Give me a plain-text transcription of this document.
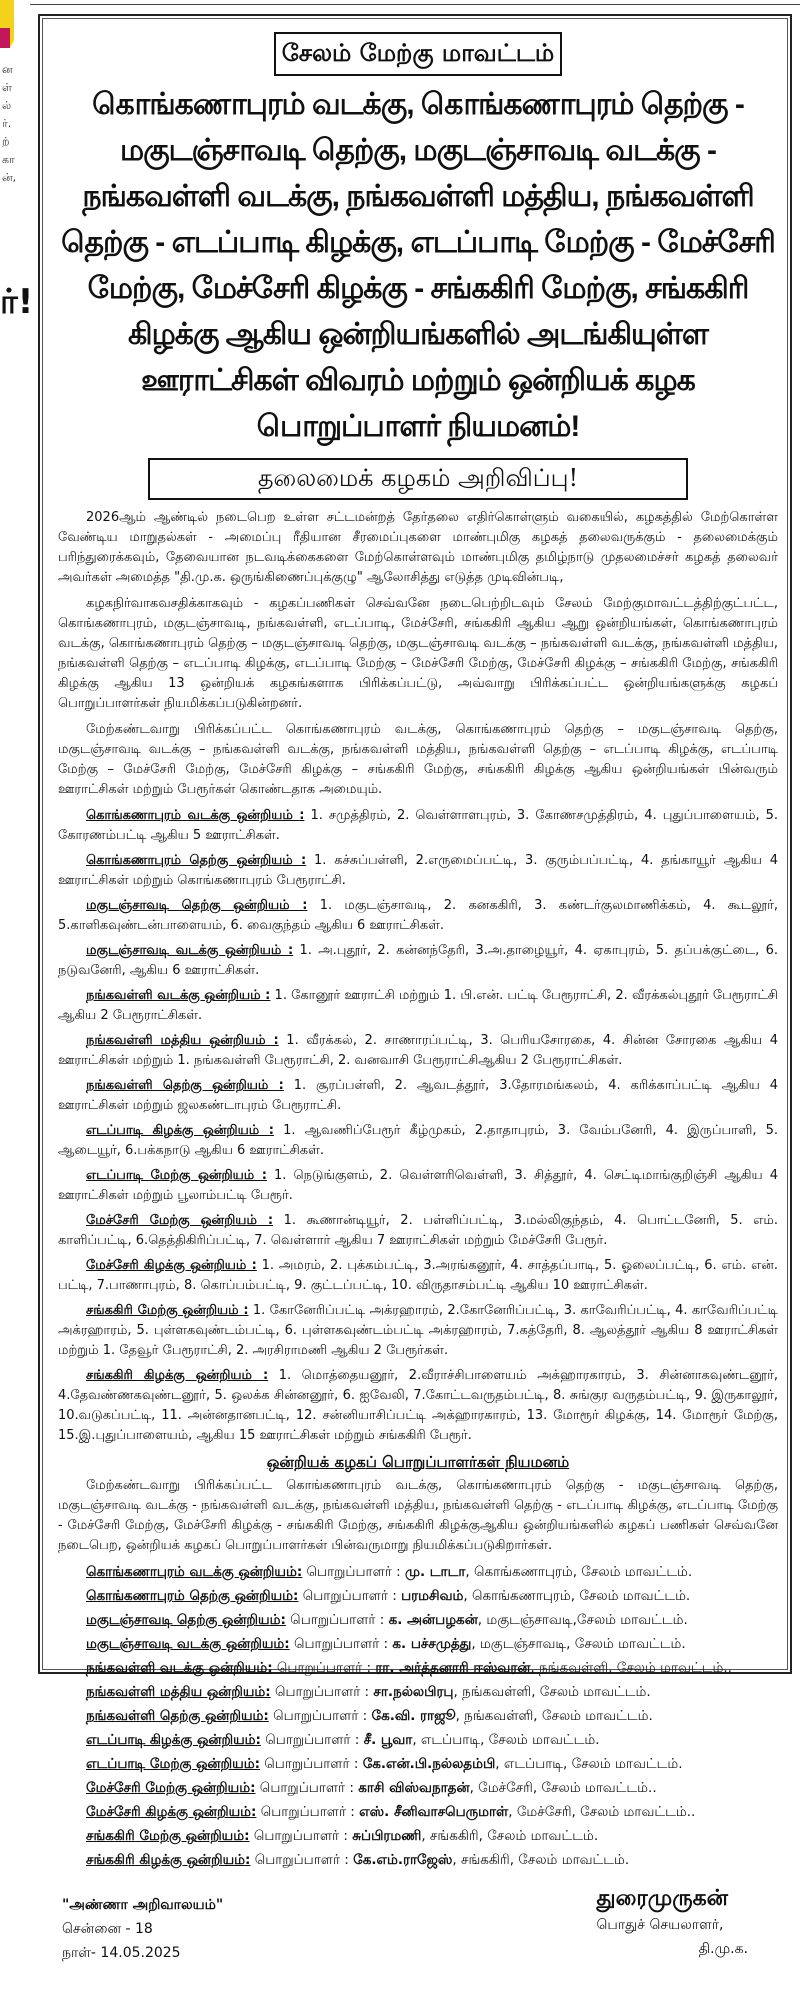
ன
ள்
ல்
ர்.
ற்
கா
ன்,
ர்!
சேலம் மேற்கு மாவட்டம்
கொங்கணாபுரம் வடக்கு, கொங்கணாபுரம் தெற்கு - மகுடஞ்சாவடி தெற்கு, மகுடஞ்சாவடி வடக்கு - நங்கவள்ளி வடக்கு, நங்கவள்ளி மத்திய, நங்கவள்ளி தெற்கு - எடப்பாடி கிழக்கு, எடப்பாடி மேற்கு - மேச்சேரி மேற்கு, மேச்சேரி கிழக்கு - சங்ககிரி மேற்கு, சங்ககிரி கிழக்கு ஆகிய ஒன்றியங்களில் அடங்கியுள்ள ஊராட்சிகள் விவரம் மற்றும் ஒன்றியக் கழக பொறுப்பாளர் நியமனம்!
தலைமைக் கழகம் அறிவிப்பு!

2026ஆம் ஆண்டில் நடைபெற உள்ள சட்டமன்றத் தேர்தலை எதிர்கொள்ளும் வகையில், கழகத்தில் மேற்கொள்ள வேண்டிய மாறுதல்கள் - அமைப்பு ரீதியான சீரமைப்புகளை மாண்புமிகு கழகத் தலைவருக்கும் - தலைமைக்கும் பரிந்துரைக்கவும், தேவையான நடவடிக்கைகளை மேற்கொள்ளவும் மாண்புமிகு தமிழ்நாடு முதலமைச்சர் கழகத் தலைவர் அவர்கள் அமைத்த "தி.மு.க. ஒருங்கிணைப்புக்குழு" ஆலோசித்து எடுத்த முடிவின்படி,

கழகநிர்வாகவசதிக்காகவும் - கழகப்பணிகள் செவ்வனே நடைபெற்றிடவும் சேலம் மேற்குமாவட்டத்திற்குட்பட்ட, கொங்கணாபுரம், மகுடஞ்சாவடி, நங்கவள்ளி, எடப்பாடி, மேச்சேரி, சங்ககிரி ஆகிய ஆறு ஒன்றியங்கள், கொங்கணாபுரம் வடக்கு, கொங்கணாபுரம் தெற்கு – மகுடஞ்சாவடி தெற்கு, மகுடஞ்சாவடி வடக்கு – நங்கவள்ளி வடக்கு, நங்கவள்ளி மத்திய, நங்கவள்ளி தெற்கு – எடப்பாடி கிழக்கு, எடப்பாடி மேற்கு – மேச்சேரி மேற்கு, மேச்சேரி கிழக்கு – சங்ககிரி மேற்கு, சங்ககிரி கிழக்கு ஆகிய 13 ஒன்றியக் கழகங்களாக பிரிக்கப்பட்டு, அவ்வாறு பிரிக்கப்பட்ட ஒன்றியங்களுக்கு கழகப் பொறுப்பாளர்கள் நியமிக்கப்படுகின்றனர்.

மேற்கண்டவாறு பிரிக்கப்பட்ட கொங்கணாபுரம் வடக்கு, கொங்கணாபுரம் தெற்கு – மகுடஞ்சாவடி தெற்கு, மகுடஞ்சாவடி வடக்கு – நங்கவள்ளி வடக்கு, நங்கவள்ளி மத்திய, நங்கவள்ளி தெற்கு – எடப்பாடி கிழக்கு, எடப்பாடி மேற்கு – மேச்சேரி மேற்கு, மேச்சேரி கிழக்கு – சங்ககிரி மேற்கு, சங்ககிரி கிழக்கு ஆகிய ஒன்றியங்கள் பின்வரும் ஊராட்சிகள் மற்றும் பேரூர்கள் கொண்டதாக அமையும்.

கொங்கணாபுரம் வடக்கு ஒன்றியம் : 1. சமுத்திரம், 2. வெள்ளாளபுரம், 3. கோணசமுத்திரம், 4. புதுப்பாளையம், 5. கோரணம்பட்டி ஆகிய 5 ஊராட்சிகள்.
கொங்கணாபுரம் தெற்கு ஒன்றியம் : 1. கச்சுப்பள்ளி, 2.எருமைப்பட்டி, 3. குரும்பப்பட்டி, 4. தங்காயூர் ஆகிய 4 ஊராட்சிகள் மற்றும் கொங்கணாபுரம் பேரூராட்சி.
மகுடஞ்சாவடி தெற்கு ஒன்றியம் : 1. மகுடஞ்சாவடி, 2. கனககிரி, 3. கண்டர்குலமாணிக்கம், 4. கூடலூர், 5.காளிகவுண்டன்பாளையம், 6. வைகுந்தம் ஆகிய 6 ஊராட்சிகள்.
மகுடஞ்சாவடி வடக்கு ஒன்றியம் : 1. அ.புதூர், 2. கன்னந்தேரி, 3.அ.தாழையூர், 4. ஏகாபுரம், 5. தப்பக்குட்டை, 6. நடுவனேரி, ஆகிய 6 ஊராட்சிகள்.
நங்கவள்ளி வடக்கு ஒன்றியம் : 1. கோனூர் ஊராட்சி மற்றும் 1. பி.என். பட்டி பேரூராட்சி, 2. வீரக்கல்புதூர் பேரூராட்சி ஆகிய 2 பேரூராட்சிகள்.
நங்கவள்ளி மத்திய ஒன்றியம் : 1. வீரக்கல், 2. சாணாரப்பட்டி, 3. பெரியசோரகை, 4. சின்ன சோரகை ஆகிய 4 ஊராட்சிகள் மற்றும் 1. நங்கவள்ளி பேரூராட்சி, 2. வனவாசி பேரூராட்சிஆகிய 2 பேரூராட்சிகள்.
நங்கவள்ளி தெற்கு ஒன்றியம் : 1. சூரப்பள்ளி, 2. ஆவடத்தூர், 3.தோரமங்கலம், 4. கரிக்காப்பட்டி ஆகிய 4 ஊராட்சிகள் மற்றும் ஜலகண்டாபுரம் பேரூராட்சி.
எடப்பாடி கிழக்கு ஒன்றியம் : 1. ஆவணிப்பேரூர் கீழ்முகம், 2.தாதாபுரம், 3. வேம்பனேரி, 4. இருப்பாளி, 5. ஆடையூர், 6.பக்கநாடு ஆகிய 6 ஊராட்சிகள்.
எடப்பாடி மேற்கு ஒன்றியம் : 1. நெடுங்குளம், 2. வெள்ளரிவெள்ளி, 3. சித்தூர், 4. செட்டிமாங்குறிஞ்சி ஆகிய 4 ஊராட்சிகள் மற்றும் பூலாம்பட்டி பேரூர்.
மேச்சேரி மேற்கு ஒன்றியம் : 1. கூணான்டியூர், 2. பள்ளிப்பட்டி, 3.மல்லிகுந்தம், 4. பொட்டனேரி, 5. எம். காளிப்பட்டி, 6.தெத்திகிரிப்பட்டி, 7. வெள்ளார் ஆகிய 7 ஊராட்சிகள் மற்றும் மேச்சேரி பேரூர்.
மேச்சேரி கிழக்கு ஒன்றியம் : 1. அமரம், 2. புக்கம்பட்டி, 3.அரங்கனூர், 4. சாத்தப்பாடி, 5. ஓலைப்பட்டி, 6. எம். என். பட்டி, 7.பாணாபுரம், 8. கொப்பம்பட்டி, 9. குட்டப்பட்டி, 10. விருதாசம்பட்டி ஆகிய 10 ஊராட்சிகள்.
சங்ககிரி மேற்கு ஒன்றியம் : 1. கோனேரிப்பட்டி அக்ரஹாரம், 2.கோனேரிப்பட்டி, 3. காவேரிப்பட்டி, 4. காவேரிப்பட்டி அக்ரஹாரம், 5. புள்ளகவுண்டம்பட்டி, 6. புள்ளகவுண்டம்பட்டி அக்ரஹாரம், 7.கத்தேரி, 8. ஆலத்தூர் ஆகிய 8 ஊராட்சிகள் மற்றும் 1. தேவூர் பேரூராட்சி, 2. அரசிராமணி ஆகிய 2 பேரூர்கள்.
சங்ககிரி கிழக்கு ஒன்றியம் : 1. மொத்தையனூர், 2.வீராச்சிபாளையம் அக்ஹாரகாரம், 3. சின்னாகவுண்டனூர், 4.தேவண்ணகவுண்டனூர், 5. ஒலக்க சின்னனூர், 6. ஐவேலி, 7.கோட்டவருதம்பட்டி, 8. சுங்குர வருதம்பட்டி, 9. இருகாலூர், 10.வடுகப்பட்டி, 11. அன்னதானபட்டி, 12. சன்னியாசிப்பட்டி அக்ஹாரகாரம், 13. மோரூர் கிழக்கு, 14. மோரூர் மேற்கு, 15.இ.புதுப்பாளையம், ஆகிய 15 ஊராட்சிகள் மற்றும் சங்ககிரி பேரூர்.
ஒன்றியக் கழகப் பொறுப்பாளர்கள் நியமனம்

மேற்கண்டவாறு பிரிக்கப்பட்ட கொங்கணாபுரம் வடக்கு, கொங்கணாபுரம் தெற்கு - மகுடஞ்சாவடி தெற்கு, மகுடஞ்சாவடி வடக்கு - நங்கவள்ளி வடக்கு, நங்கவள்ளி மத்திய, நங்கவள்ளி தெற்கு - எடப்பாடி கிழக்கு, எடப்பாடி மேற்கு - மேச்சேரி மேற்கு, மேச்சேரி கிழக்கு - சங்ககிரி மேற்கு, சங்ககிரி கிழக்குஆகிய ஒன்றியங்களில் கழகப் பணிகள் செவ்வனே நடைபெற, ஒன்றியக் கழகப் பொறுப்பாளர்கள் பின்வருமாறு நியமிக்கப்படுகிறார்கள்.

கொங்கணாபுரம் வடக்கு ஒன்றியம்: பொறுப்பாளர் : மு. டாடா, கொங்கணாபுரம், சேலம் மாவட்டம்.
கொங்கணாபுரம் தெற்கு ஒன்றியம்: பொறுப்பாளர் : பரமசிவம், கொங்கணாபுரம், சேலம் மாவட்டம்.
மகுடஞ்சாவடி தெற்கு ஒன்றியம்: பொறுப்பாளர் : க. அன்பழகன், மகுடஞ்சாவடி,சேலம் மாவட்டம்.
மகுடஞ்சாவடி வடக்கு ஒன்றியம்: பொறுப்பாளர் : க. பச்சமுத்து, மகுடஞ்சாவடி, சேலம் மாவட்டம்.
நங்கவள்ளி வடக்கு ஒன்றியம்: பொறுப்பாளர் : ரா. அர்த்தனாரி ஈஸ்வரன், நங்கவள்ளி, சேலம் மாவட்டம்..
நங்கவள்ளி மத்திய ஒன்றியம்: பொறுப்பாளர் : சா.நல்லபிரபு, நங்கவள்ளி, சேலம் மாவட்டம்.
நங்கவள்ளி தெற்கு ஒன்றியம்: பொறுப்பாளர் : கே.வி. ராஜூ, நங்கவள்ளி, சேலம் மாவட்டம்.
எடப்பாடி கிழக்கு ஒன்றியம்: பொறுப்பாளர் : சீ. பூவா, எடப்பாடி, சேலம் மாவட்டம்.
எடப்பாடி மேற்கு ஒன்றியம்: பொறுப்பாளர் : கே.என்.பி.நல்லதம்பி, எடப்பாடி, சேலம் மாவட்டம்.
மேச்சேரி மேற்கு ஒன்றியம்: பொறுப்பாளர் : காசி விஸ்வநாதன், மேச்சேரி, சேலம் மாவட்டம்..
மேச்சேரி கிழக்கு ஒன்றியம்: பொறுப்பாளர் : எஸ். சீனிவாசபெருமாள், மேச்சேரி, சேலம் மாவட்டம்..
சங்ககிரி மேற்கு ஒன்றியம்: பொறுப்பாளர் : சுப்பிரமணி, சங்ககிரி, சேலம் மாவட்டம்.
சங்ககிரி கிழக்கு ஒன்றியம்: பொறுப்பாளர் : கே.எம்.ராஜேஸ், சங்ககிரி, சேலம் மாவட்டம்.
"அண்ணா அறிவாலயம்"
சென்னை - 18
நாள்- 14.05.2025
துரைமுருகன்
பொதுச் செயலாளர்,
தி.மு.க.
